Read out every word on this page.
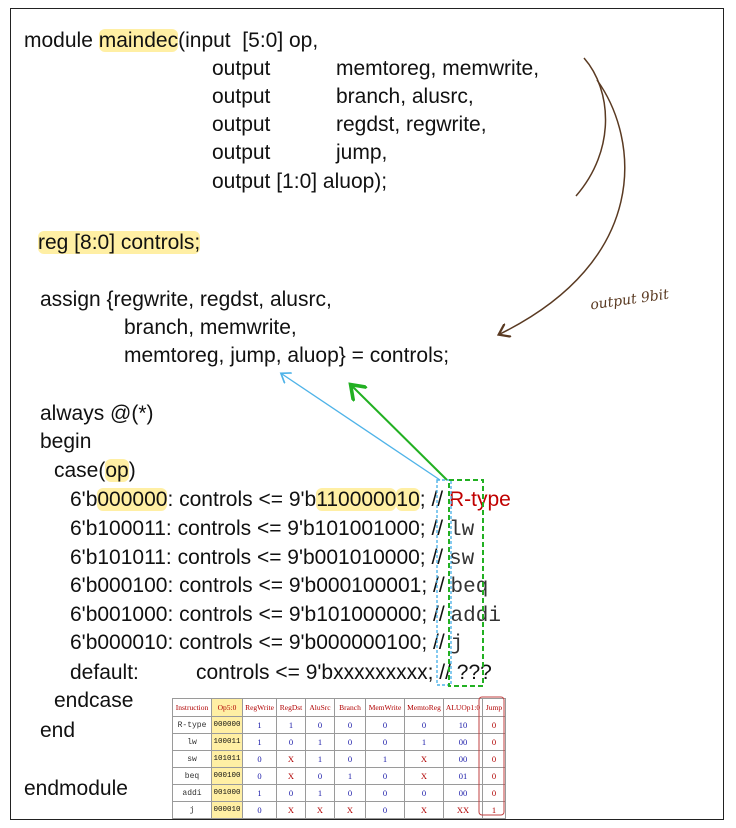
module maindec(input  [5:0] op,
output	memtoreg, memwrite,
output	branch, alusrc,
output	regdst, regwrite,
output	jump,
output [1:0] aluop);
reg [8:0] controls;
assign {regwrite, regdst, alusrc,
branch, memwrite,
memtoreg, jump, aluop} = controls;
always @(*)
begin
case(op)
6'b000000: controls <= 9'b110000010; // R-type
6'b100011: controls <= 9'b101001000; // lw
6'b101011: controls <= 9'b001010000; // sw
6'b000100: controls <= 9'b000100001; // beq
6'b001000: controls <= 9'b101000000; // addi
6'b000010: controls <= 9'b000000100; // j
default:	controls <= 9'bxxxxxxxxx; // ???
endcase
end
endmodule
output 9bit
Instruction	Op5:0	RegWrite	RegDst	AluSrc	Branch	MemWrite	MemtoReg	ALUOp1:0	Jump
R-type	000000	1	1	0	0	0	0	10	0
lw	100011	1	0	1	0	0	1	00	0
sw	101011	0	X	1	0	1	X	00	0
beq	000100	0	X	0	1	0	X	01	0
addi	001000	1	0	1	0	0	0	00	0
j	000010	0	X	X	X	0	X	XX	1
